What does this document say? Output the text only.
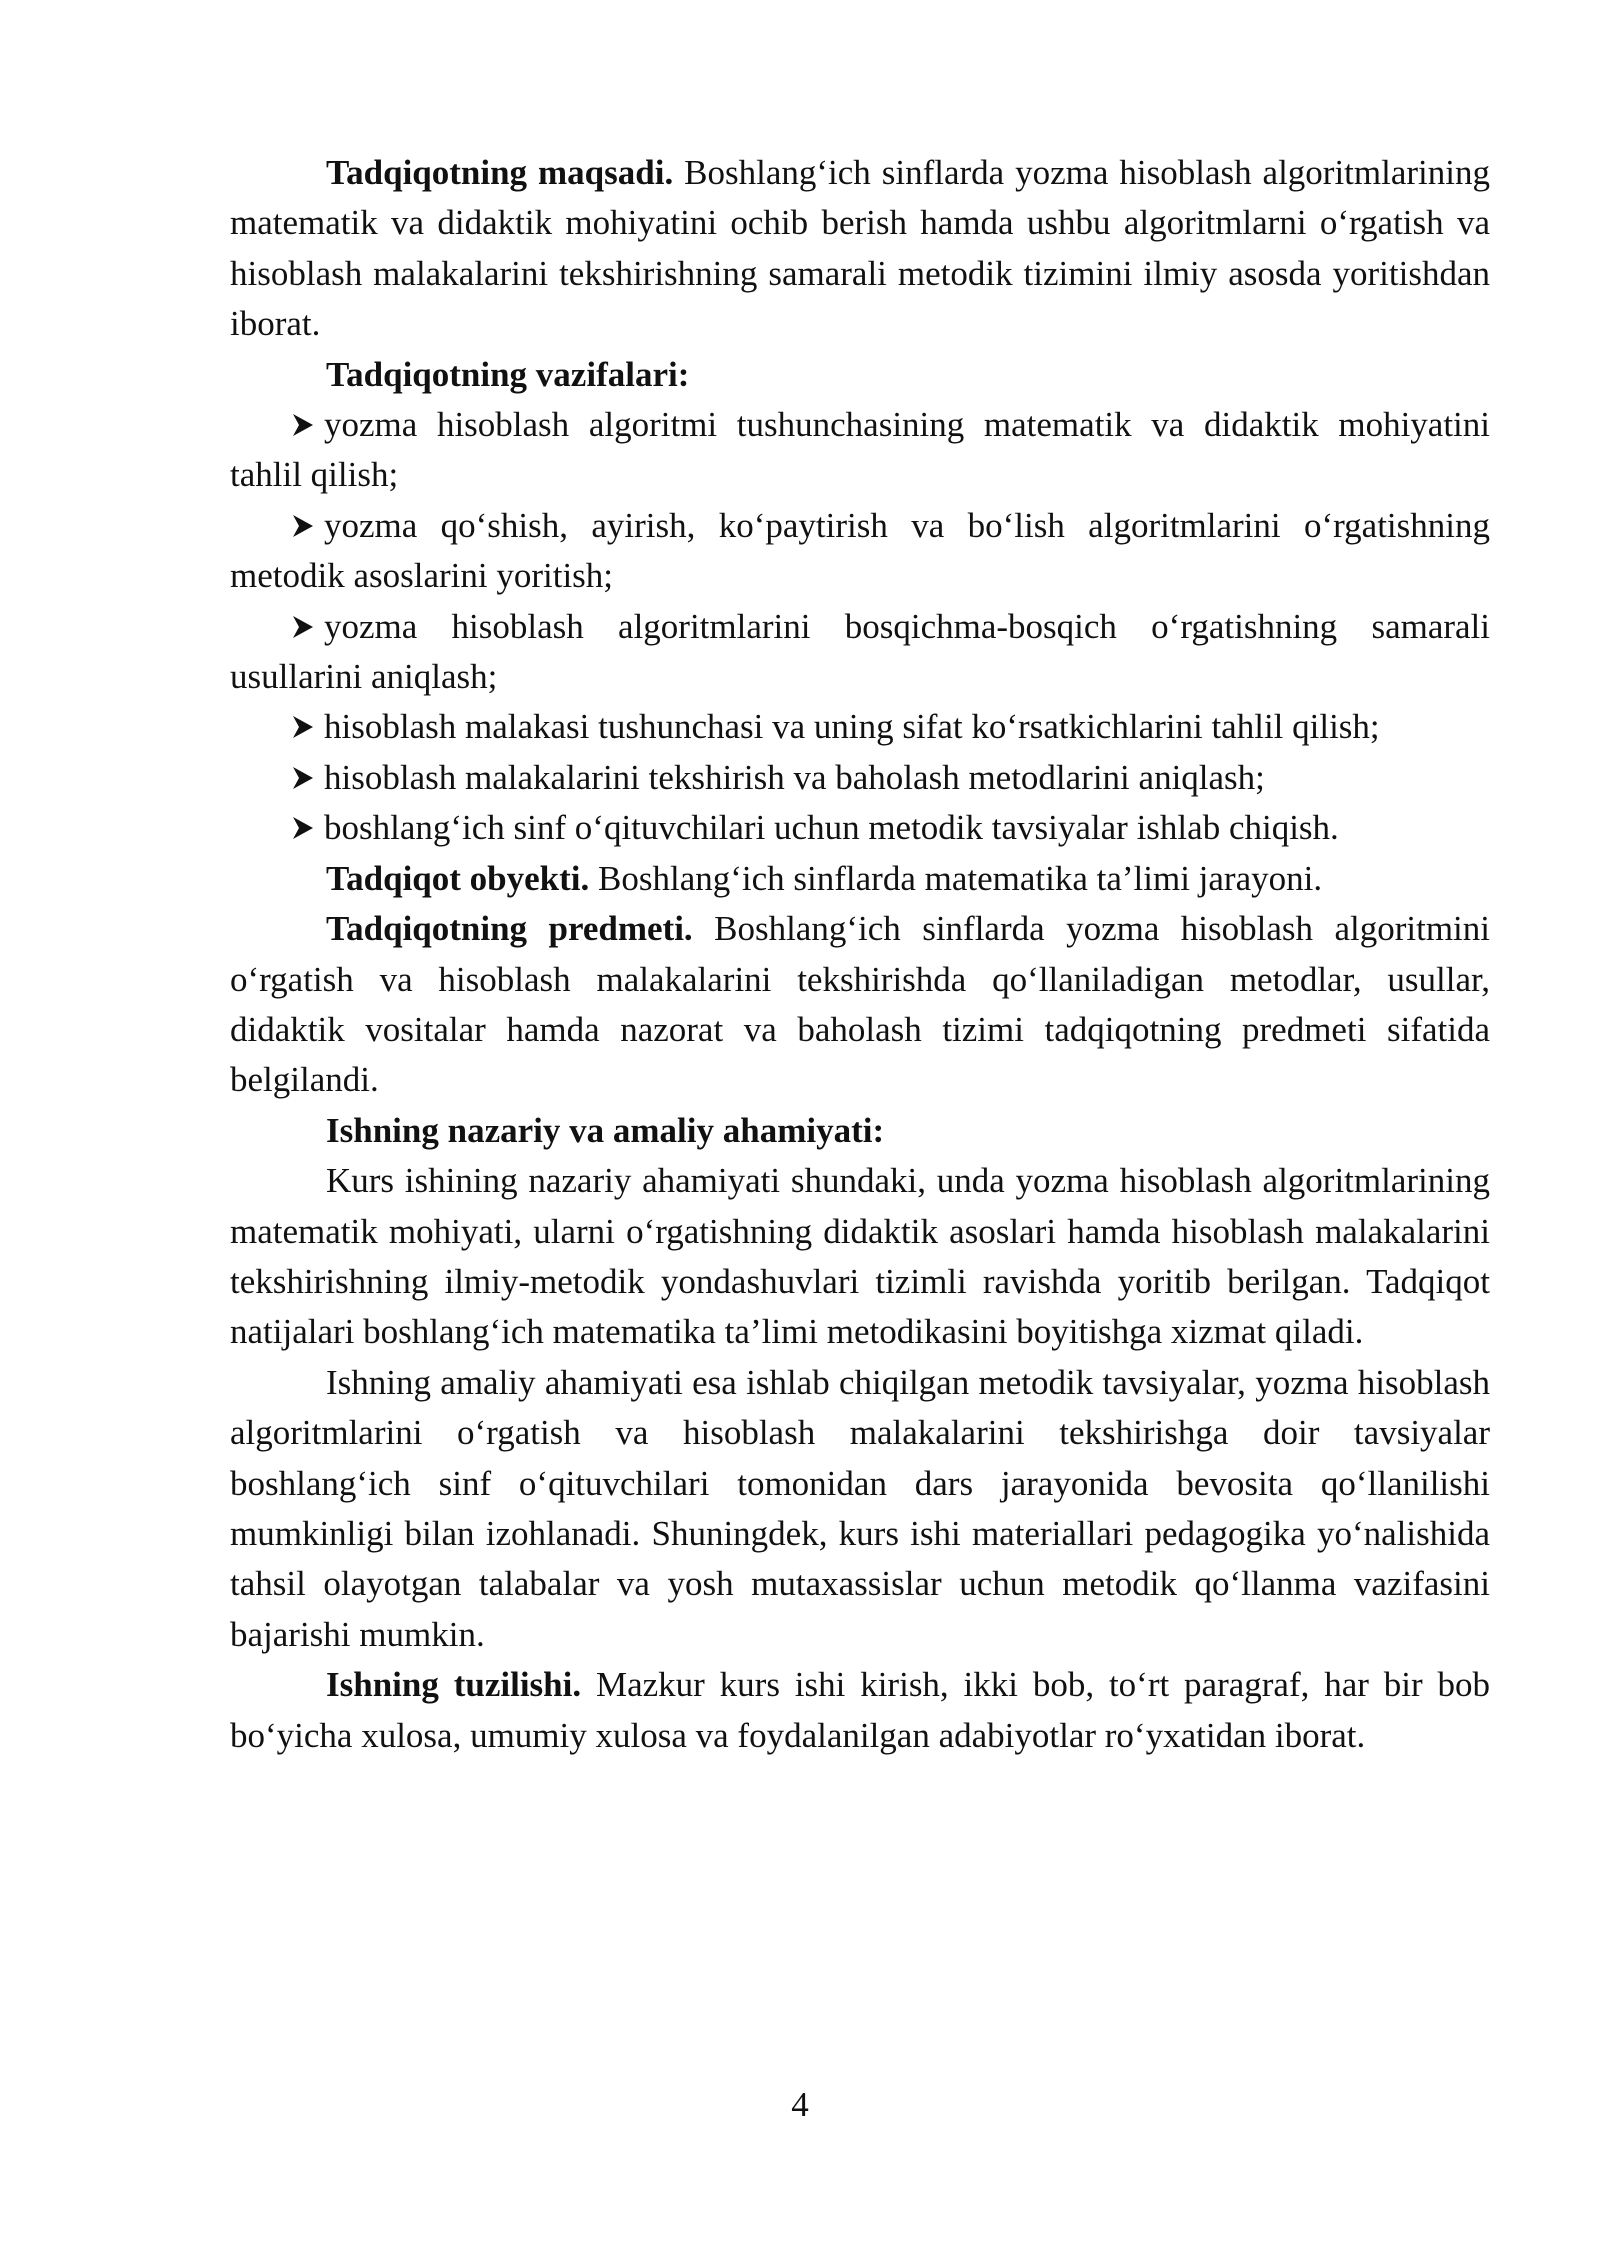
Tadqiqotning maqsadi. Boshlang‘ich sinflarda yozma hisoblash algoritmlarining matematik va didaktik mohiyatini ochib berish hamda ushbu algoritmlarni o‘rgatish va hisoblash malakalarini tekshirishning samarali metodik tizimini ilmiy asosda yoritishdan iborat.

Tadqiqotning vazifalari:

yozma hisoblash algoritmi tushunchasining matematik va didaktik mohiyatini tahlil qilish;

yozma qo‘shish, ayirish, ko‘paytirish va bo‘lish algoritmlarini o‘rgatishning metodik asoslarini yoritish;

yozma hisoblash algoritmlarini bosqichma-bosqich o‘rgatishning samarali usullarini aniqlash;

hisoblash malakasi tushunchasi va uning sifat ko‘rsatkichlarini tahlil qilish;

hisoblash malakalarini tekshirish va baholash metodlarini aniqlash;

boshlang‘ich sinf o‘qituvchilari uchun metodik tavsiyalar ishlab chiqish.

Tadqiqot obyekti. Boshlang‘ich sinflarda matematika ta’limi jarayoni.

Tadqiqotning predmeti. Boshlang‘ich sinflarda yozma hisoblash algoritmini o‘rgatish va hisoblash malakalarini tekshirishda qo‘llaniladigan metodlar, usullar, didaktik vositalar hamda nazorat va baholash tizimi tadqiqotning predmeti sifatida belgilandi.

Ishning nazariy va amaliy ahamiyati:

Kurs ishining nazariy ahamiyati shundaki, unda yozma hisoblash algoritmlarining matematik mohiyati, ularni o‘rgatishning didaktik asoslari hamda hisoblash malakalarini tekshirishning ilmiy-metodik yondashuvlari tizimli ravishda yoritib berilgan. Tadqiqot natijalari boshlang‘ich matematika ta’limi metodikasini boyitishga xizmat qiladi.

Ishning amaliy ahamiyati esa ishlab chiqilgan metodik tavsiyalar, yozma hisoblash algoritmlarini o‘rgatish va hisoblash malakalarini tekshirishga doir tavsiyalar boshlang‘ich sinf o‘qituvchilari tomonidan dars jarayonida bevosita qo‘llanilishi mumkinligi bilan izohlanadi. Shuningdek, kurs ishi materiallari pedagogika yo‘nalishida tahsil olayotgan talabalar va yosh mutaxassislar uchun metodik qo‘llanma vazifasini bajarishi mumkin.

Ishning tuzilishi. Mazkur kurs ishi kirish, ikki bob, to‘rt paragraf, har bir bob bo‘yicha xulosa, umumiy xulosa va foydalanilgan adabiyotlar ro‘yxatidan iborat.

4
